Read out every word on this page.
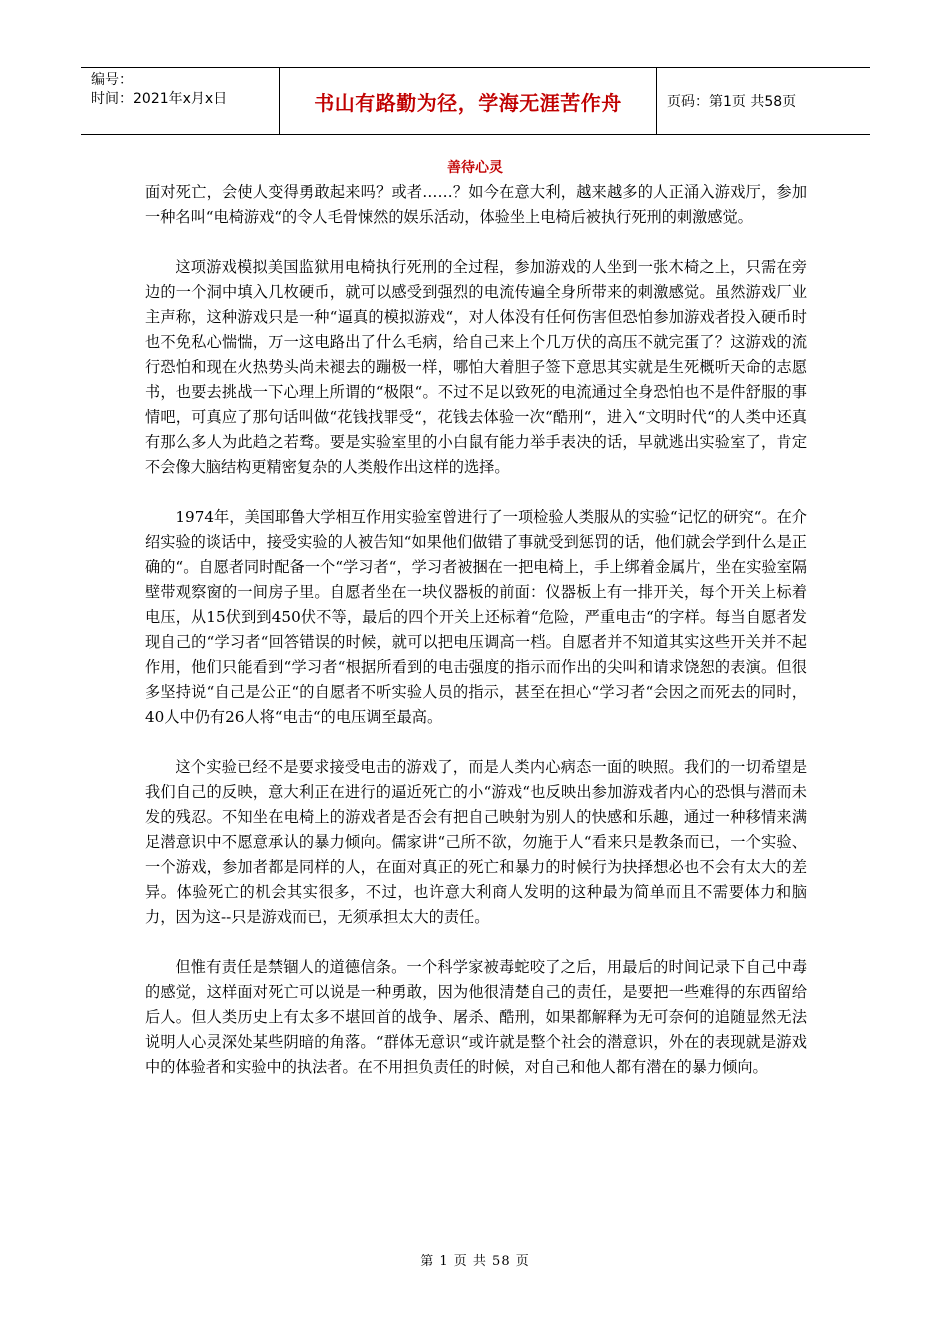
编号：
时间：2021年x月x日	书山有路勤为径，学海无涯苦作舟	页码：第1页 共58页
善待心灵

面对死亡，会使人变得勇敢起来吗？或者……？如今在意大利，越来越多的人正涌入游戏厅，参加一种名叫“电椅游戏“的令人毛骨悚然的娱乐活动，体验坐上电椅后被执行死刑的刺激感觉。

这项游戏模拟美国监狱用电椅执行死刑的全过程，参加游戏的人坐到一张木椅之上，只需在旁边的一个洞中填入几枚硬币，就可以感受到强烈的电流传遍全身所带来的刺激感觉。虽然游戏厂业主声称，这种游戏只是一种“逼真的模拟游戏“，对人体没有任何伤害但恐怕参加游戏者投入硬币时也不免私心惴惴，万一这电路出了什么毛病，给自己来上个几万伏的高压不就完蛋了？这游戏的流行恐怕和现在火热势头尚未褪去的蹦极一样，哪怕大着胆子签下意思其实就是生死概听天命的志愿书，也要去挑战一下心理上所谓的“极限“。不过不足以致死的电流通过全身恐怕也不是件舒服的事情吧，可真应了那句话叫做“花钱找罪受“，花钱去体验一次“酷刑“，进入“文明时代“的人类中还真有那么多人为此趋之若骛。要是实验室里的小白鼠有能力举手表决的话，早就逃出实验室了，肯定不会像大脑结构更精密复杂的人类般作出这样的选择。

1974年，美国耶鲁大学相互作用实验室曾进行了一项检验人类服从的实验“记忆的研究“。在介绍实验的谈话中，接受实验的人被告知“如果他们做错了事就受到惩罚的话，他们就会学到什么是正确的“。自愿者同时配备一个“学习者“，学习者被捆在一把电椅上，手上绑着金属片，坐在实验室隔壁带观察窗的一间房子里。自愿者坐在一块仪器板的前面：仪器板上有一排开关，每个开关上标着电压，从15伏到到450伏不等，最后的四个开关上还标着“危险，严重电击“的字样。每当自愿者发现自己的“学习者“回答错误的时候，就可以把电压调高一档。自愿者并不知道其实这些开关并不起作用，他们只能看到“学习者“根据所看到的电击强度的指示而作出的尖叫和请求饶恕的表演。但很多坚持说“自己是公正“的自愿者不听实验人员的指示，甚至在担心“学习者“会因之而死去的同时，40人中仍有26人将“电击“的电压调至最高。

这个实验已经不是要求接受电击的游戏了，而是人类内心病态一面的映照。我们的一切希望是我们自己的反映，意大利正在进行的逼近死亡的小“游戏“也反映出参加游戏者内心的恐惧与潜而未发的残忍。不知坐在电椅上的游戏者是否会有把自己映射为别人的快感和乐趣，通过一种移情来满足潜意识中不愿意承认的暴力倾向。儒家讲“己所不欲，勿施于人“看来只是教条而已，一个实验、一个游戏，参加者都是同样的人，在面对真正的死亡和暴力的时候行为抉择想必也不会有太大的差异。体验死亡的机会其实很多，不过，也许意大利商人发明的这种最为简单而且不需要体力和脑力，因为这--只是游戏而已，无须承担太大的责任。

但惟有责任是禁锢人的道德信条。一个科学家被毒蛇咬了之后，用最后的时间记录下自己中毒的感觉，这样面对死亡可以说是一种勇敢，因为他很清楚自己的责任，是要把一些难得的东西留给后人。但人类历史上有太多不堪回首的战争、屠杀、酷刑，如果都解释为无可奈何的追随显然无法说明人心灵深处某些阴暗的角落。“群体无意识“或许就是整个社会的潜意识，外在的表现就是游戏中的体验者和实验中的执法者。在不用担负责任的时候，对自己和他人都有潜在的暴力倾向。

第 1 页 共 58 页
